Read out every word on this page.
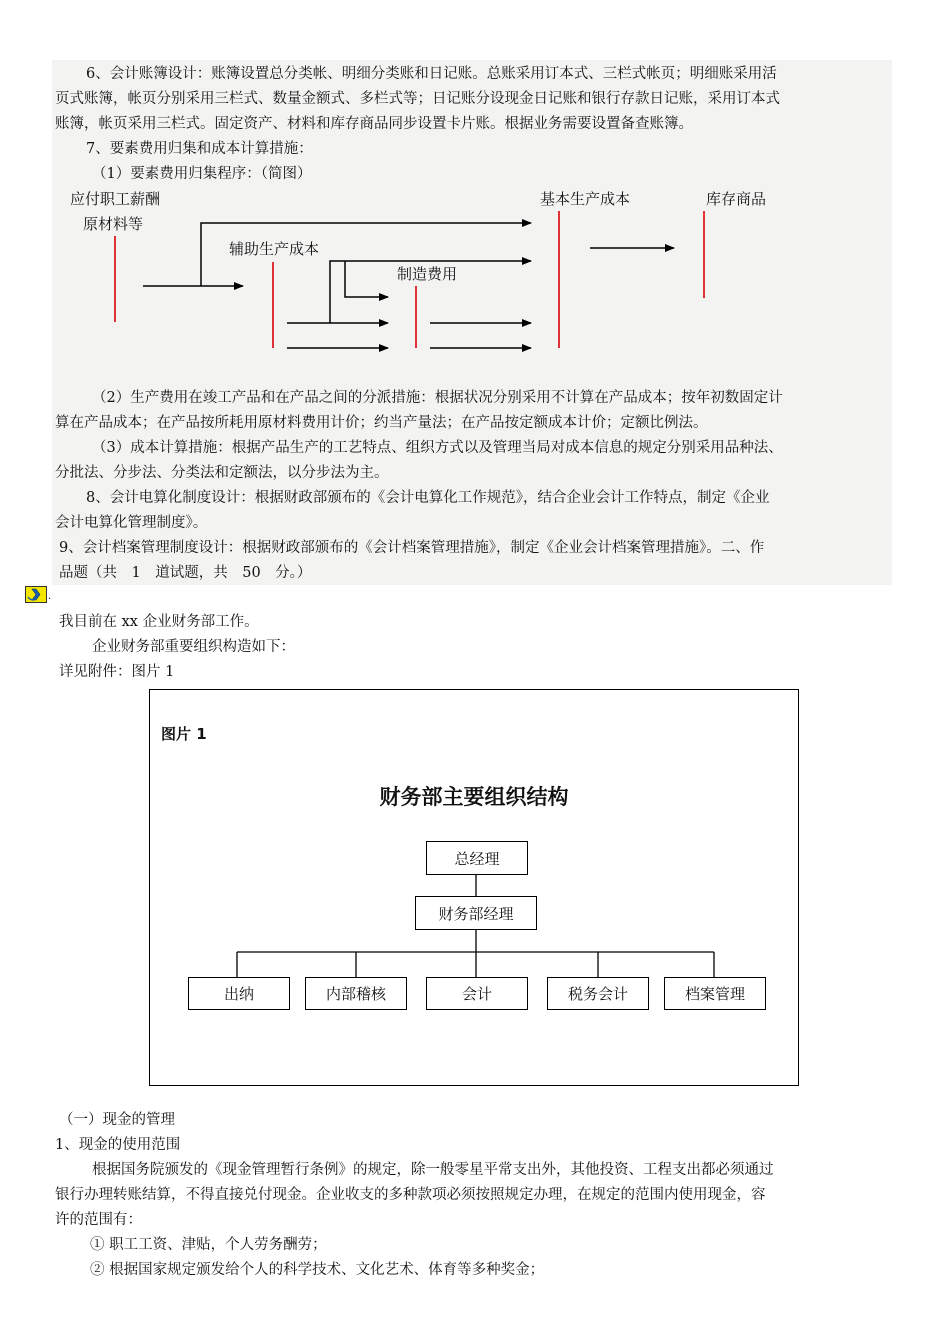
6、会计账簿设计：账簿设置总分类帐、明细分类账和日记账。总账采用订本式、三栏式帐页；明细账采用活
页式账簿，帐页分别采用三栏式、数量金额式、多栏式等；日记账分设现金日记账和银行存款日记账，采用订本式
账簿，帐页采用三栏式。固定资产、材料和库存商品同步设置卡片账。根据业务需要设置备查账簿。
7、要素费用归集和成本计算措施：
（1）要素费用归集程序：（简图）
应付职工薪酬
原材料等
辅助生产成本
制造费用
基本生产成本	库存商品
（2）生产费用在竣工产品和在产品之间的分派措施：根据状况分别采用不计算在产品成本；按年初数固定计
算在产品成本；在产品按所耗用原材料费用计价；约当产量法；在产品按定额成本计价；定额比例法。
（3）成本计算措施：根据产品生产的工艺特点、组织方式以及管理当局对成本信息的规定分别采用品种法、
分批法、分步法、分类法和定额法，以分步法为主。
8、会计电算化制度设计：根据财政部颁布的《会计电算化工作规范》，结合企业会计工作特点，制定《企业
会计电算化管理制度》。
9、会计档案管理制度设计：根据财政部颁布的《会计档案管理措施》，制定《企业会计档案管理措施》。二、作
品题（共　1　道试题，共　50　分。）
.
我目前在 xx 企业财务部工作。
企业财务部重要组织构造如下：
详见附件：图片 1
图片 1
财务部主要组织结构
总经理
财务部经理
出纳	内部稽核	会计	税务会计	档案管理
（一）现金的管理
1、现金的使用范围
根据国务院颁发的《现金管理暂行条例》的规定，除一般零星平常支出外，其他投资、工程支出都必须通过
银行办理转账结算，不得直接兑付现金。企业收支的多种款项必须按照规定办理，在规定的范围内使用现金，容
许的范围有：
① 职工工资、津贴，个人劳务酬劳；
② 根据国家规定颁发给个人的科学技术、文化艺术、体育等多种奖金；
